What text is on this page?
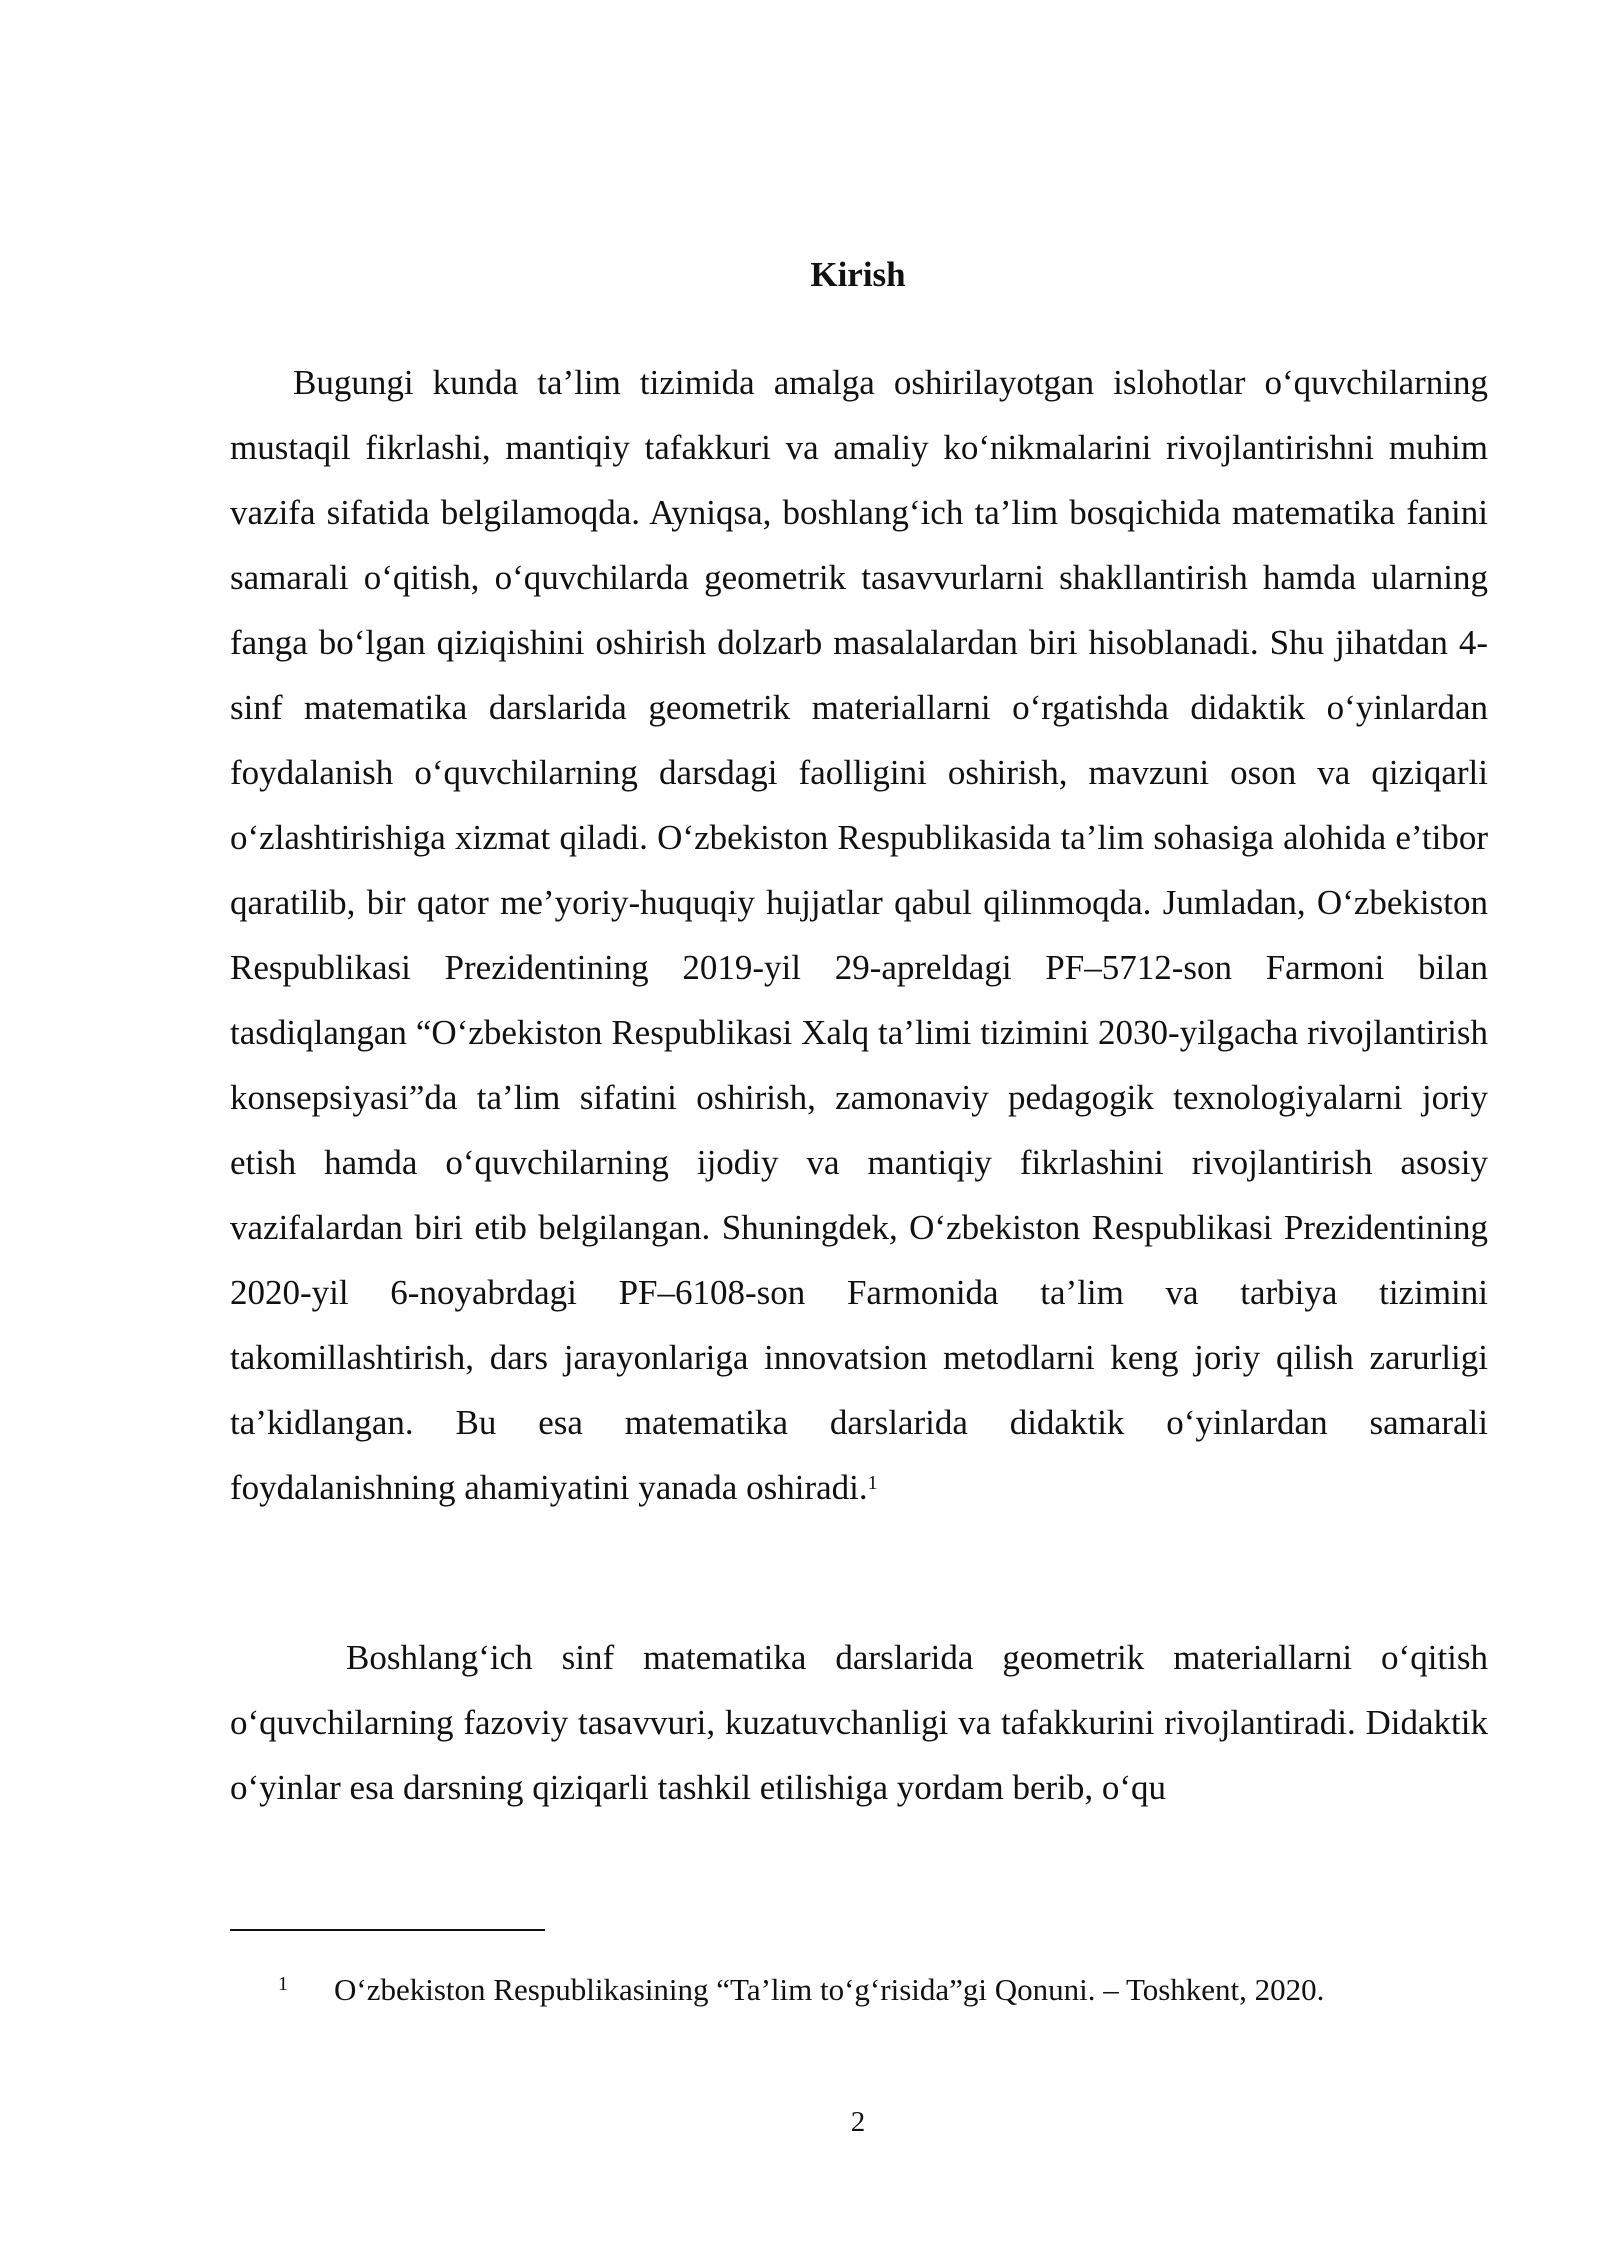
Kirish

Bugungi kunda ta’lim tizimida amalga oshirilayotgan islohotlar o‘quvchilarning mustaqil fikrlashi, mantiqiy tafakkuri va amaliy ko‘nikmalarini rivojlantirishni muhim vazifa sifatida belgilamoqda. Ayniqsa, boshlang‘ich ta’lim bosqichida matematika fanini samarali o‘qitish, o‘quvchilarda geometrik tasavvurlarni shakllantirish hamda ularning fanga bo‘lgan qiziqishini oshirish dolzarb masalalardan biri hisoblanadi. Shu jihatdan 4-sinf matematika darslarida geometrik materiallarni o‘rgatishda didaktik o‘yinlardan foydalanish o‘quvchilarning darsdagi faolligini oshirish, mavzuni oson va qiziqarli o‘zlashtirishiga xizmat qiladi. O‘zbekiston Respublikasida ta’lim sohasiga alohida e’tibor qaratilib, bir qator me’yoriy-huquqiy hujjatlar qabul qilinmoqda. Jumladan, O‘zbekiston Respublikasi Prezidentining 2019-yil 29-apreldagi PF–5712-son Farmoni bilan tasdiqlangan “O‘zbekiston Respublikasi Xalq ta’limi tizimini 2030-yilgacha rivojlantirish konsepsiyasi”da ta’lim sifatini oshirish, zamonaviy pedagogik texnologiyalarni joriy etish hamda o‘quvchilarning ijodiy va mantiqiy fikrlashini rivojlantirish asosiy vazifalardan biri etib belgilangan. Shuningdek, O‘zbekiston Respublikasi Prezidentining 2020-yil 6-noyabrdagi PF–6108-son Farmonida ta’lim va tarbiya tizimini takomillashtirish, dars jarayonlariga innovatsion metodlarni keng joriy qilish zarurligi ta’kidlangan. Bu esa matematika darslarida didaktik o‘yinlardan samarali foydalanishning ahamiyatini yanada oshiradi.$^1$

Boshlang‘ich sinf matematika darslarida geometrik materiallarni o‘qitish o‘quvchilarning fazoviy tasavvuri, kuzatuvchanligi va tafakkurini rivojlantiradi. Didaktik o‘yinlar esa darsning qiziqarli tashkil etilishiga yordam berib, o‘qu

1 O‘zbekiston Respublikasining “Ta’lim to‘g‘risida”gi Qonuni. – Toshkent, 2020.
2
